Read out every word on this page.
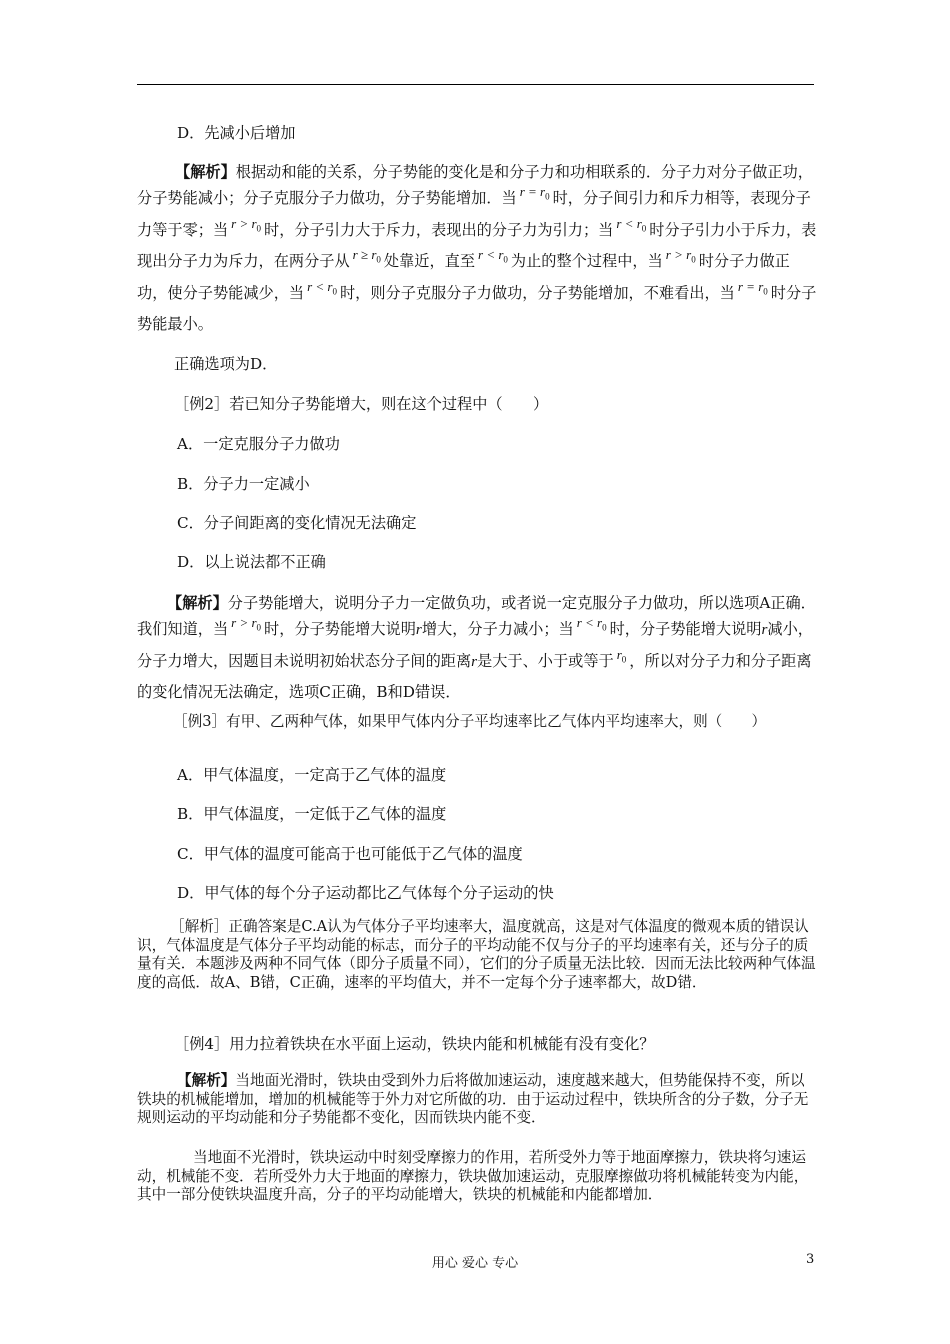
D．先减小后增加
【解析】根据动和能的关系，分子势能的变化是和分子力和功相联系的．分子力对分子做正功，分子势能减小；分子克服分子力做功，分子势能增加．当 $r = r_0$ 时，分子间引力和斥力相等，表现分子力等于零；当 $r > r_0$ 时，分子引力大于斥力，表现出的分子力为引力；当 $r < r_0$ 时分子引力小于斥力，表现出分子力为斥力，在两分子从 $r \ge r_0$ 处靠近，直至 $r < r_0$ 为止的整个过程中，当 $r > r_0$ 时分子力做正功，使分子势能减少，当 $r < r_0$ 时，则分子克服分子力做功，分子势能增加，不难看出，当 $r = r_0$ 时分子势能最小。
正确选项为D．
［例2］若已知分子势能增大，则在这个过程中（　　）
A．一定克服分子力做功
B．分子力一定减小
C．分子间距离的变化情况无法确定
D．以上说法都不正确
【解析】分子势能增大，说明分子力一定做负功，或者说一定克服分子力做功，所以选项A正确．我们知道，当 $r > r_0$ 时，分子势能增大说明r增大，分子力减小；当 $r < r_0$ 时，分子势能增大说明r减小，分子力增大，因题目未说明初始状态分子间的距离r是大于、小于或等于 $r_0$ ，所以对分子力和分子距离的变化情况无法确定，选项C正确，B和D错误．
［例3］有甲、乙两种气体，如果甲气体内分子平均速率比乙气体内平均速率大，则（　　）
A．甲气体温度，一定高于乙气体的温度
B．甲气体温度，一定低于乙气体的温度
C．甲气体的温度可能高于也可能低于乙气体的温度
D．甲气体的每个分子运动都比乙气体每个分子运动的快
［解析］正确答案是C.A认为气体分子平均速率大，温度就高，这是对气体温度的微观本质的错误认识，气体温度是气体分子平均动能的标志，而分子的平均动能不仅与分子的平均速率有关，还与分子的质量有关．本题涉及两种不同气体（即分子质量不同），它们的分子质量无法比较．因而无法比较两种气体温度的高低．故A、B错，C正确，速率的平均值大，并不一定每个分子速率都大，故D错．
［例4］用力拉着铁块在水平面上运动，铁块内能和机械能有没有变化？
【解析】当地面光滑时，铁块由受到外力后将做加速运动，速度越来越大，但势能保持不变，所以铁块的机械能增加，增加的机械能等于外力对它所做的功．由于运动过程中，铁块所含的分子数，分子无规则运动的平均动能和分子势能都不变化，因而铁块内能不变．
当地面不光滑时，铁块运动中时刻受摩擦力的作用，若所受外力等于地面摩擦力，铁块将匀速运动，机械能不变．若所受外力大于地面的摩擦力，铁块做加速运动，克服摩擦做功将机械能转变为内能，其中一部分使铁块温度升高，分子的平均动能增大，铁块的机械能和内能都增加．
用心 爱心 专心	3
